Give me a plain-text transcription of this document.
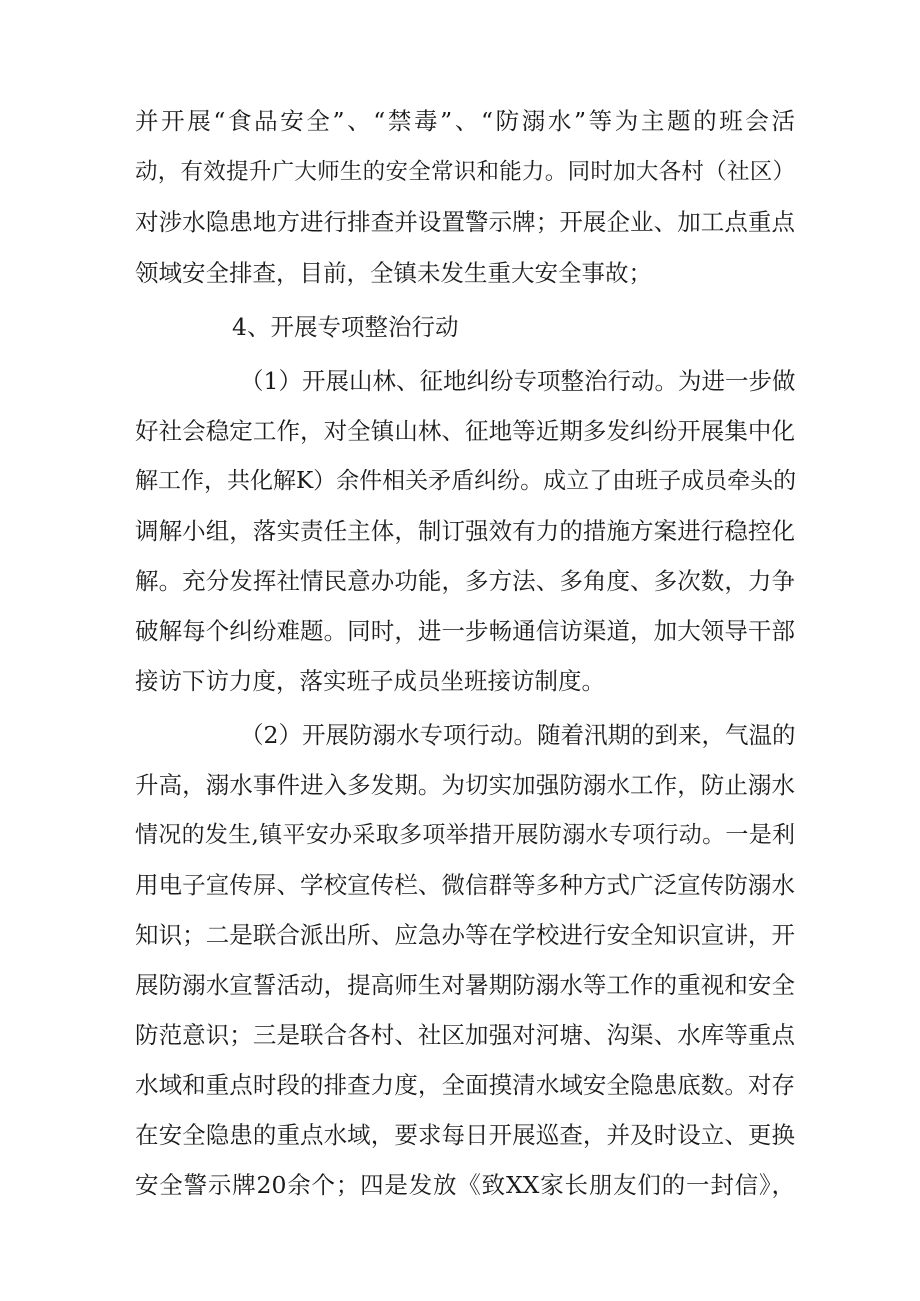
并开展“食品安全”、“禁毒”、“防溺水”等为主题的班会活
动，有效提升广大师生的安全常识和能力。同时加大各村（社区）
对涉水隐患地方进行排查并设置警示牌；开展企业、加工点重点
领域安全排查，目前，全镇未发生重大安全事故；
4、开展专项整治行动
（1）开展山林、征地纠纷专项整治行动。为进一步做
好社会稳定工作，对全镇山林、征地等近期多发纠纷开展集中化
解工作，共化解K）余件相关矛盾纠纷。成立了由班子成员牵头的
调解小组，落实责任主体，制订强效有力的措施方案进行稳控化
解。充分发挥社情民意办功能，多方法、多角度、多次数，力争
破解每个纠纷难题。同时，进一步畅通信访渠道，加大领导干部
接访下访力度，落实班子成员坐班接访制度。
（2）开展防溺水专项行动。随着汛期的到来，气温的
升高，溺水事件进入多发期。为切实加强防溺水工作，防止溺水
情况的发生,镇平安办采取多项举措开展防溺水专项行动。一是利
用电子宣传屏、学校宣传栏、微信群等多种方式广泛宣传防溺水
知识；二是联合派出所、应急办等在学校进行安全知识宣讲，开
展防溺水宣誓活动，提高师生对暑期防溺水等工作的重视和安全
防范意识；三是联合各村、社区加强对河塘、沟渠、水库等重点
水域和重点时段的排查力度，全面摸清水域安全隐患底数。对存
在安全隐患的重点水域，要求每日开展巡查，并及时设立、更换
安全警示牌20余个；四是发放《致XX家长朋友们的一封信》，
